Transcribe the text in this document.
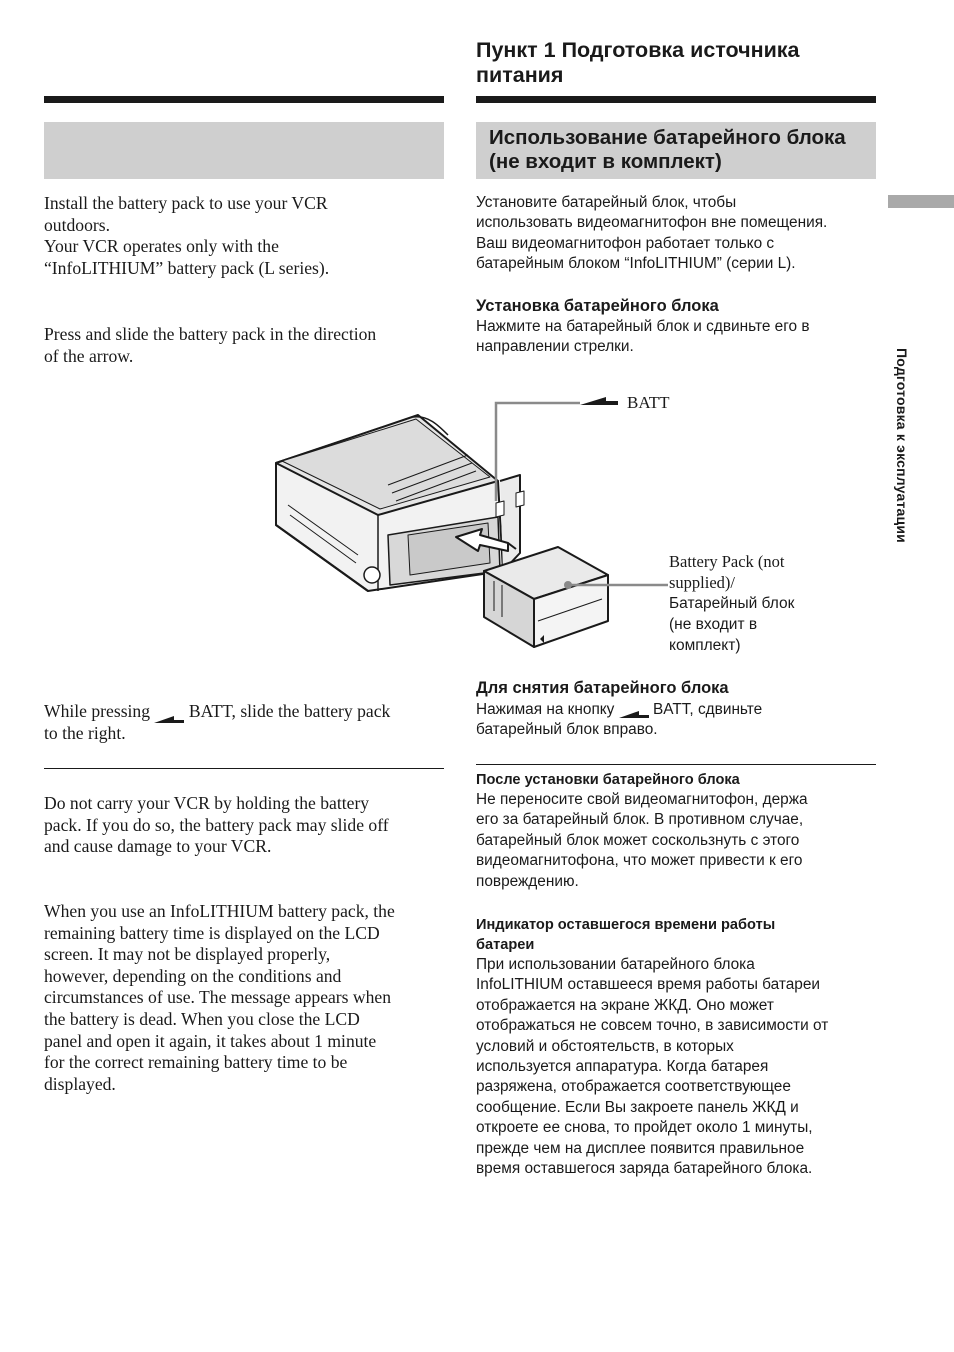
Пункт 1 Подготовка источника питания
Использование батарейного блока (не входит в комплект)
Подготовка к эксплуатации
Install the battery pack to use your VCR
outdoors.
Your VCR operates only with the
“InfoLITHIUM” battery pack (L series).
Press and slide the battery pack in the direction
of the arrow.
While pressing BATT, slide the battery pack
to the right.
Do not carry your VCR by holding the battery
pack. If you do so, the battery pack may slide off
and cause damage to your VCR.
When you use an InfoLITHIUM battery pack, the
remaining battery time is displayed on the LCD
screen. It may not be displayed properly,
however, depending on the conditions and
circumstances of use. The message appears when
the battery is dead. When you close the LCD
panel and open it again, it takes about 1 minute
for the correct remaining battery time to be
displayed.
Установите батарейный блок, чтобы
использовать видеомагнитофон вне помещения.
Ваш видеомагнитофон работает только с
батарейным блоком “InfoLITHIUM” (серии L).
Установка батарейного блока
Нажмите на батарейный блок и сдвиньте его в
направлении стрелки.
BATT
Battery Pack (not
supplied)/
Батарейный блок
(не входит в
комплект)
Для снятия батарейного блока
Нажимая на кнопку	BATT, сдвиньте
батарейный блок вправо.
После установки батарейного блока
Не переносите свой видеомагнитофон, держа
его за батарейный блок. В противном случае,
батарейный блок может соскользнуть с этого
видеомагнитофона, что может привести к его
повреждению.
Индикатор оставшегося времени работы
батареи
При использовании батарейного блока
InfoLITHIUM оставшееся время работы батареи
отображается на экране ЖКД. Оно может
отображаться не совсем точно, в зависимости от
условий и обстоятельств, в которых
используется аппаратура. Когда батарея
разряжена, отображается соответствующее
сообщение. Если Вы закроете панель ЖКД и
откроете ее снова, то пройдет около 1 минуты,
прежде чем на дисплее появится правильное
время оставшегося заряда батарейного блока.
